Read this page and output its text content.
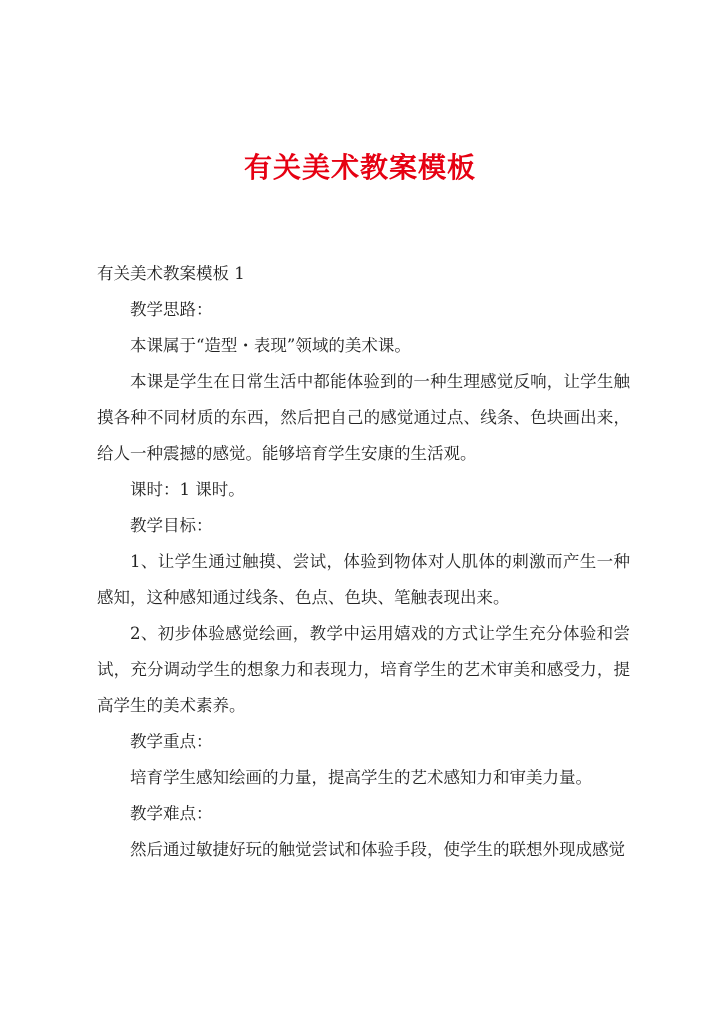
有关美术教案模板

有关美术教案模板 1

教学思路：

本课属于“造型・表现”领域的美术课。

本课是学生在日常生活中都能体验到的一种生理感觉反响，让学生触摸各种不同材质的东西，然后把自己的感觉通过点、线条、色块画出来，给人一种震撼的感觉。能够培育学生安康的生活观。

课时：1 课时。

教学目标：

1、让学生通过触摸、尝试，体验到物体对人肌体的刺激而产生一种感知，这种感知通过线条、色点、色块、笔触表现出来。

2、初步体验感觉绘画，教学中运用嬉戏的方式让学生充分体验和尝试，充分调动学生的想象力和表现力，培育学生的艺术审美和感受力，提高学生的美术素养。

教学重点：

培育学生感知绘画的力量，提高学生的艺术感知力和审美力量。

教学难点：

然后通过敏捷好玩的触觉尝试和体验手段，使学生的联想外现成感觉
